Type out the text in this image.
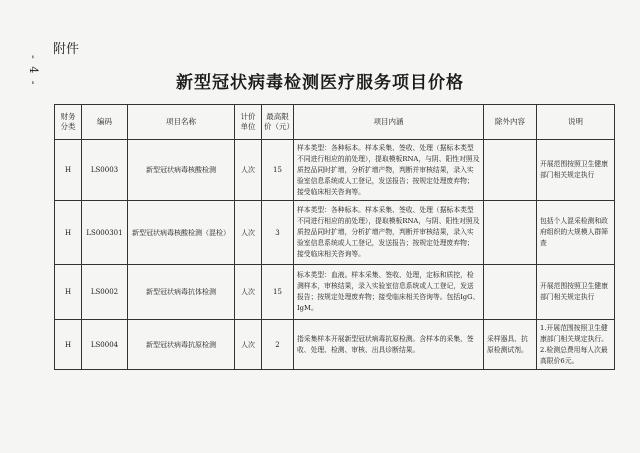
附件
- 4 -	新型冠状病毒检测医疗服务项目价格
财务分类	编码	项目名称	计价单位	最高限价（元）	项目内涵	除外内容	说明
H	LS0003	新型冠状病毒核酸检测	人次	15	样本类型：各种标本。样本采集、签收、处理（据标本类型不同进行相应的前处理），提取模板RNA，与阴、阳性对照及质控品同时扩增，分析扩增产物，判断并审核结果，录入实验室信息系统或人工登记，发送报告；按规定处理废弃物；接受临床相关咨询等。		开展范围按照卫生健康部门相关规定执行
H	LS000301	新型冠状病毒核酸检测（混检）	人次	3	样本类型：各种标本。样本采集、签收、处理（据标本类型不同进行相应的前处理），提取模板RNA，与阴、阳性对照及质控品同时扩增，分析扩增产物，判断并审核结果，录入实验室信息系统或人工登记，发送报告；按规定处理废弃物；接受临床相关咨询等。		包括个人混采检测和政府组织的大规模人群筛查
H	LS0002	新型冠状病毒抗体检测	人次	15	标本类型：血液。样本采集、签收、处理，定标和质控，检测样本，审核结果，录入实验室信息系统或人工登记，发送报告；按规定处理废弃物；接受临床相关咨询等。包括IgG、IgM。		开展范围按照卫生健康部门相关规定执行
H	LS0004	新型冠状病毒抗原检测	人次	2	指采集样本开展新型冠状病毒抗原检测。含样本的采集、签收、处理、检测、审核、出具诊断结果。	采样器具、抗原检测试剂。	1.开展范围按照卫生健康部门相关规定执行。2.检测总费用每人次最高限价6元。
